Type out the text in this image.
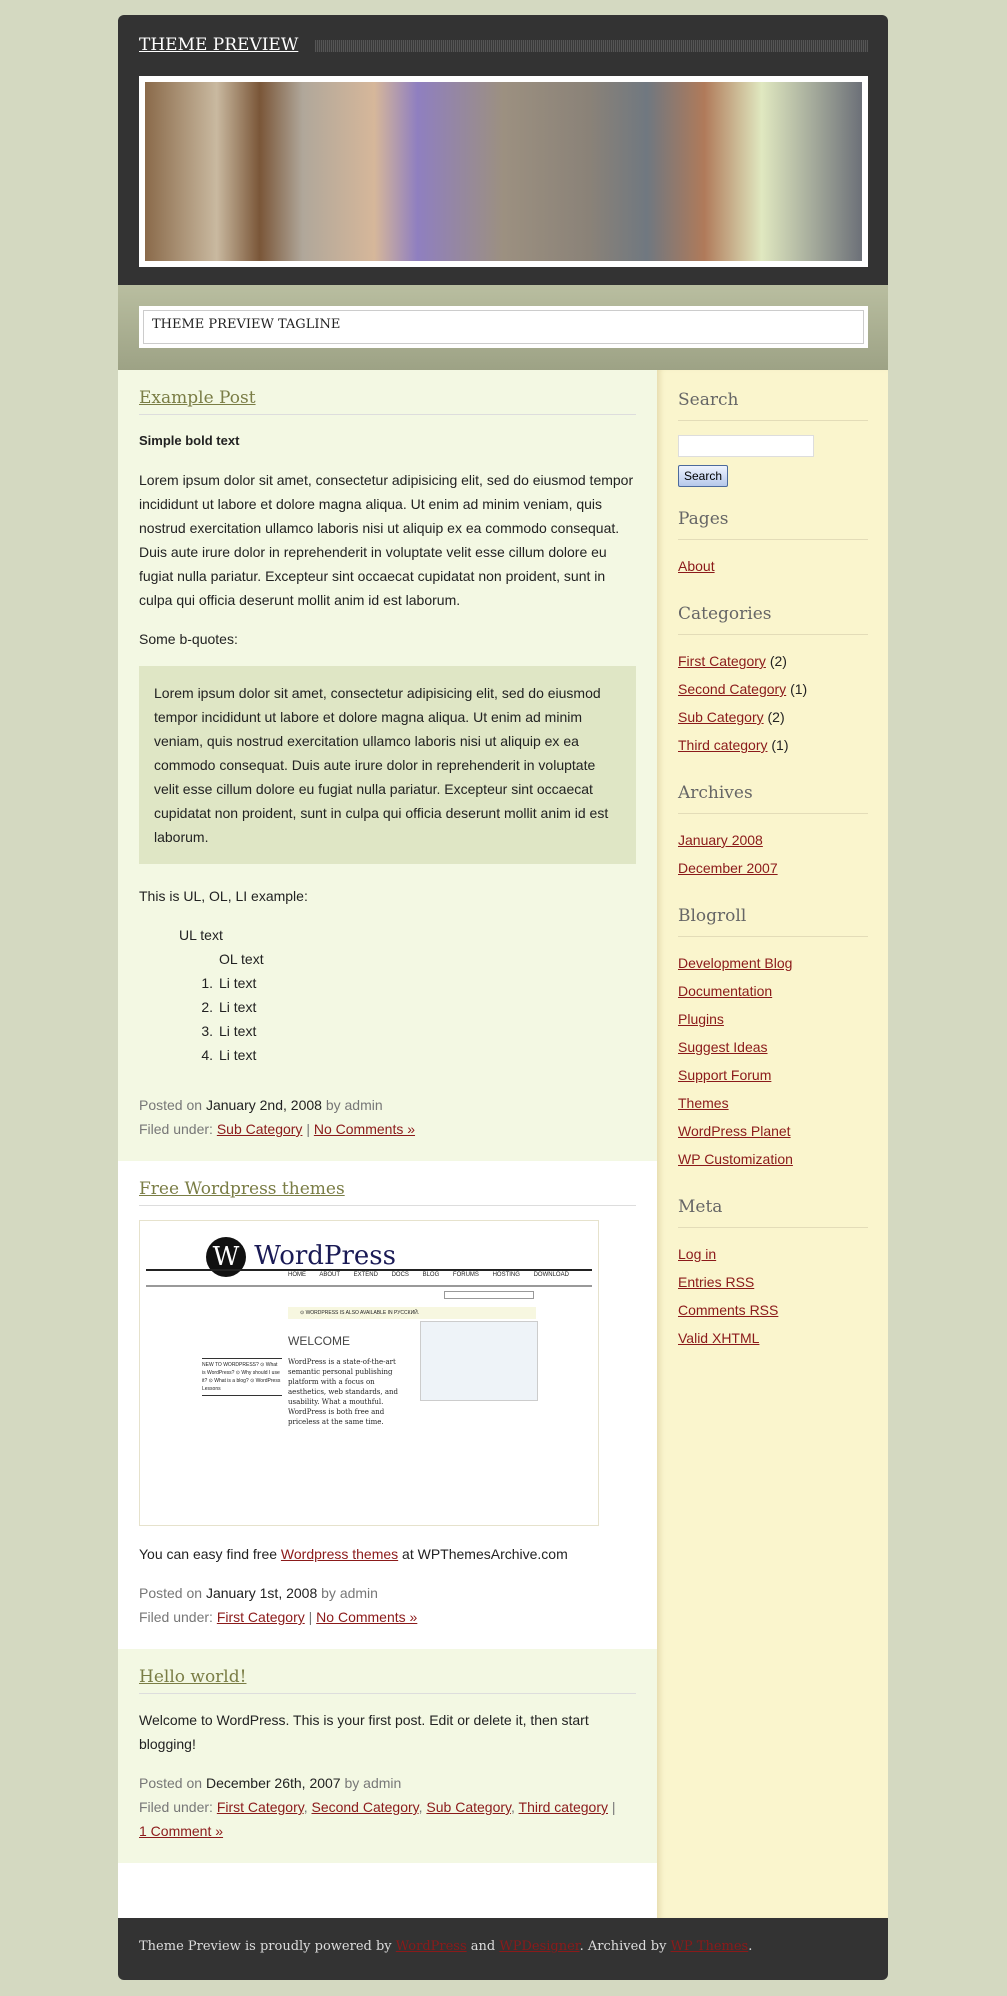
THEME PREVIEW
THEME PREVIEW TAGLINE
Example Post

Simple bold text

Lorem ipsum dolor sit amet, consectetur adipisicing elit, sed do eiusmod tempor incididunt ut labore et dolore magna aliqua. Ut enim ad minim veniam, quis nostrud exercitation ullamco laboris nisi ut aliquip ex ea commodo consequat. Duis aute irure dolor in reprehenderit in voluptate velit esse cillum dolore eu fugiat nulla pariatur. Excepteur sint occaecat cupidatat non proident, sunt in culpa qui officia deserunt mollit anim id est laborum.

Some b-quotes:

Lorem ipsum dolor sit amet, consectetur adipisicing elit, sed do eiusmod tempor incididunt ut labore et dolore magna aliqua. Ut enim ad minim veniam, quis nostrud exercitation ullamco laboris nisi ut aliquip ex ea commodo consequat. Duis aute irure dolor in reprehenderit in voluptate velit esse cillum dolore eu fugiat nulla pariatur. Excepteur sint occaecat cupidatat non proident, sunt in culpa qui officia deserunt mollit anim id est laborum.

This is UL, OL, LI example:

UL text
OL text
1. Li text
2. Li text
3. Li text
4. Li text
Posted on January 2nd, 2008 by admin
Filed under: Sub Category | No Comments »
Free Wordpress themes
W WordPress
HOME ABOUT EXTEND DOCS BLOG FORUMS HOSTING DOWNLOAD
⊙ WORDPRESS IS ALSO AVAILABLE IN РУССКИЙ.
WELCOME
WordPress is a state-of-the-art semantic personal publishing platform with a focus on aesthetics, web standards, and usability. What a mouthful. WordPress is both free and priceless at the same time.
NEW TO WORDPRESS? ⊙ What is WordPress? ⊙ Why should I use it? ⊙ What is a blog? ⊙ WordPress Lessons

You can easy find free Wordpress themes at WPThemesArchive.com

Posted on January 1st, 2008 by admin
Filed under: First Category | No Comments »
Hello world!

Welcome to WordPress. This is your first post. Edit or delete it, then start blogging!

Posted on December 26th, 2007 by admin
Filed under: First Category, Second Category, Sub Category, Third category |
1 Comment »
Search
Search
Pages
About
Categories
First Category (2)
Second Category (1)
Sub Category (2)
Third category (1)
Archives
January 2008
December 2007
Blogroll
Development Blog
Documentation
Plugins
Suggest Ideas
Support Forum
Themes
WordPress Planet
WP Customization
Meta
Log in
Entries RSS
Comments RSS
Valid XHTML
Theme Preview is proudly powered by WordPress and WPDesigner. Archived by WP Themes.
